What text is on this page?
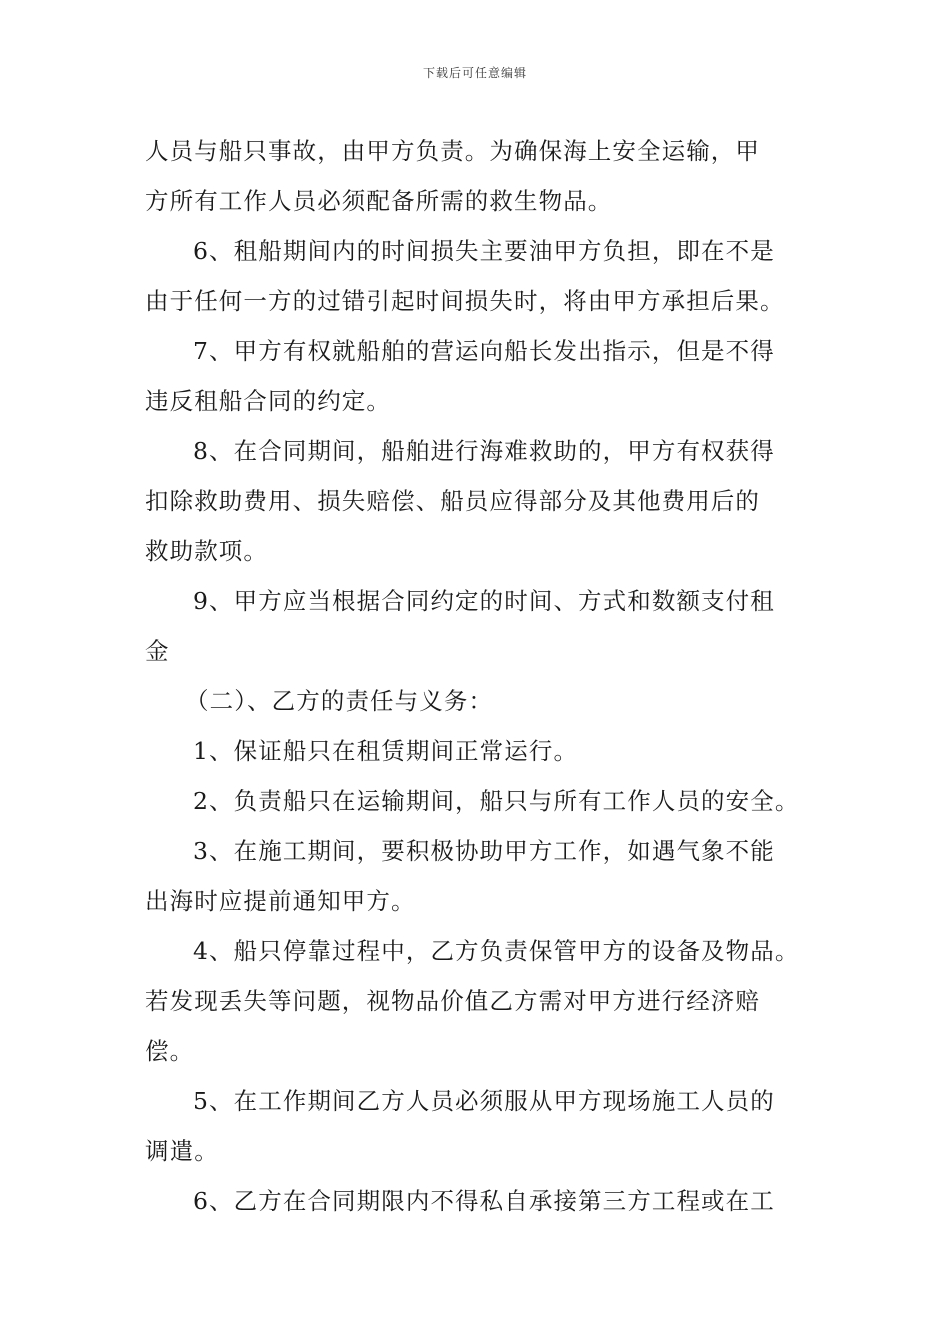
下载后可任意编辑
人员与船只事故，由甲方负责。为确保海上安全运输，甲
方所有工作人员必须配备所需的救生物品。
6、租船期间内的时间损失主要油甲方负担，即在不是
由于任何一方的过错引起时间损失时，将由甲方承担后果。
7、甲方有权就船舶的营运向船长发出指示，但是不得
违反租船合同的约定。
8、在合同期间，船舶进行海难救助的，甲方有权获得
扣除救助费用、损失赔偿、船员应得部分及其他费用后的
救助款项。
9、甲方应当根据合同约定的时间、方式和数额支付租
金
（二）、乙方的责任与义务：
1、保证船只在租赁期间正常运行。
2、负责船只在运输期间，船只与所有工作人员的安全。
3、在施工期间，要积极协助甲方工作，如遇气象不能
出海时应提前通知甲方。
4、船只停靠过程中，乙方负责保管甲方的设备及物品。
若发现丢失等问题，视物品价值乙方需对甲方进行经济赔
偿。
5、在工作期间乙方人员必须服从甲方现场施工人员的
调遣。
6、乙方在合同期限内不得私自承接第三方工程或在工
